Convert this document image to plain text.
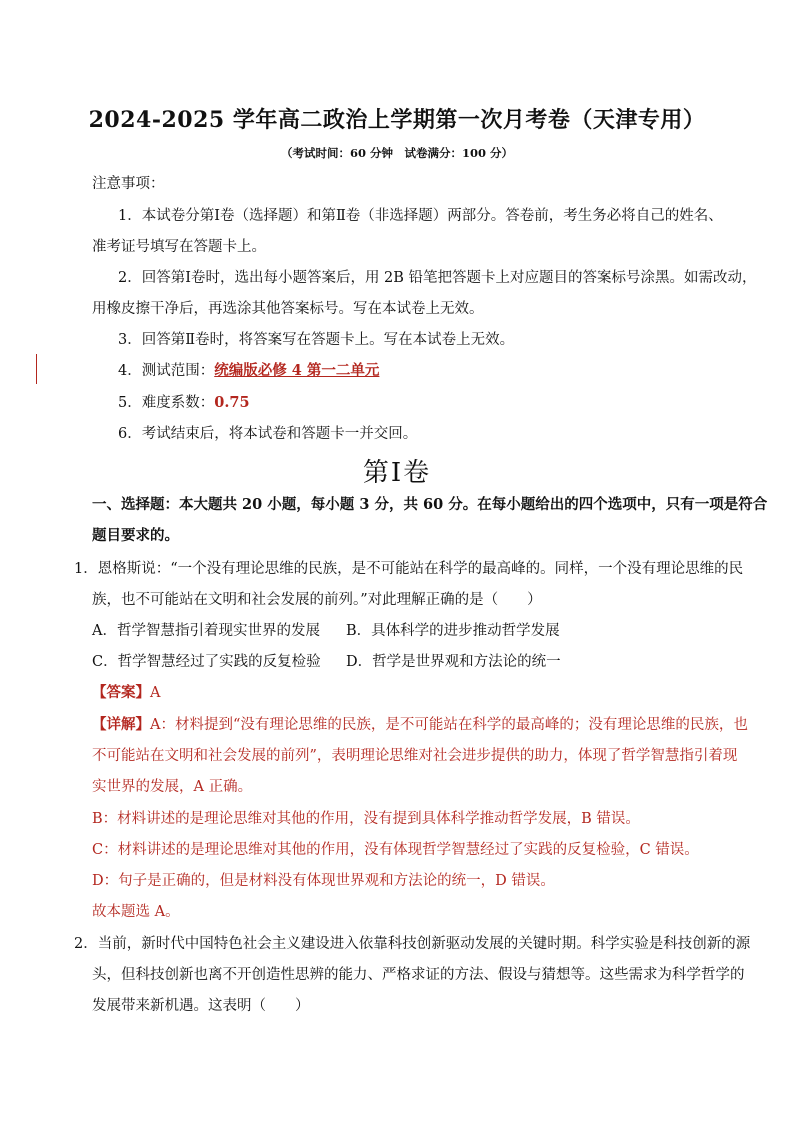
2024-2025 学年高二政治上学期第一次月考卷（天津专用）
（考试时间：60 分钟　试卷满分：100 分）
注意事项：
1．本试卷分第Ⅰ卷（选择题）和第Ⅱ卷（非选择题）两部分。答卷前，考生务必将自己的姓名、
准考证号填写在答题卡上。
2．回答第Ⅰ卷时，选出每小题答案后，用 2B 铅笔把答题卡上对应题目的答案标号涂黑。如需改动，
用橡皮擦干净后，再选涂其他答案标号。写在本试卷上无效。
3．回答第Ⅱ卷时，将答案写在答题卡上。写在本试卷上无效。
4．测试范围：统编版必修 4 第一二单元
5．难度系数：0.75
6．考试结束后，将本试卷和答题卡一并交回。
第Ⅰ卷
一、选择题：本大题共 20 小题，每小题 3 分，共 60 分。在每小题给出的四个选项中，只有一项是符合
题目要求的。
1．恩格斯说：“一个没有理论思维的民族，是不可能站在科学的最高峰的。同样，一个没有理论思维的民
族，也不可能站在文明和社会发展的前列。”对此理解正确的是（　　）
A．哲学智慧指引着现实世界的发展 B．具体科学的进步推动哲学发展
C．哲学智慧经过了实践的反复检验 D．哲学是世界观和方法论的统一
【答案】A
【详解】A：材料提到“没有理论思维的民族，是不可能站在科学的最高峰的；没有理论思维的民族，也
不可能站在文明和社会发展的前列”，表明理论思维对社会进步提供的助力，体现了哲学智慧指引着现
实世界的发展，A 正确。
B：材料讲述的是理论思维对其他的作用，没有提到具体科学推动哲学发展，B 错误。
C：材料讲述的是理论思维对其他的作用，没有体现哲学智慧经过了实践的反复检验，C 错误。
D：句子是正确的，但是材料没有体现世界观和方法论的统一，D 错误。
故本题选 A。
2．当前，新时代中国特色社会主义建设进入依靠科技创新驱动发展的关键时期。科学实验是科技创新的源
头，但科技创新也离不开创造性思辨的能力、严格求证的方法、假设与猜想等。这些需求为科学哲学的
发展带来新机遇。这表明（　　）
